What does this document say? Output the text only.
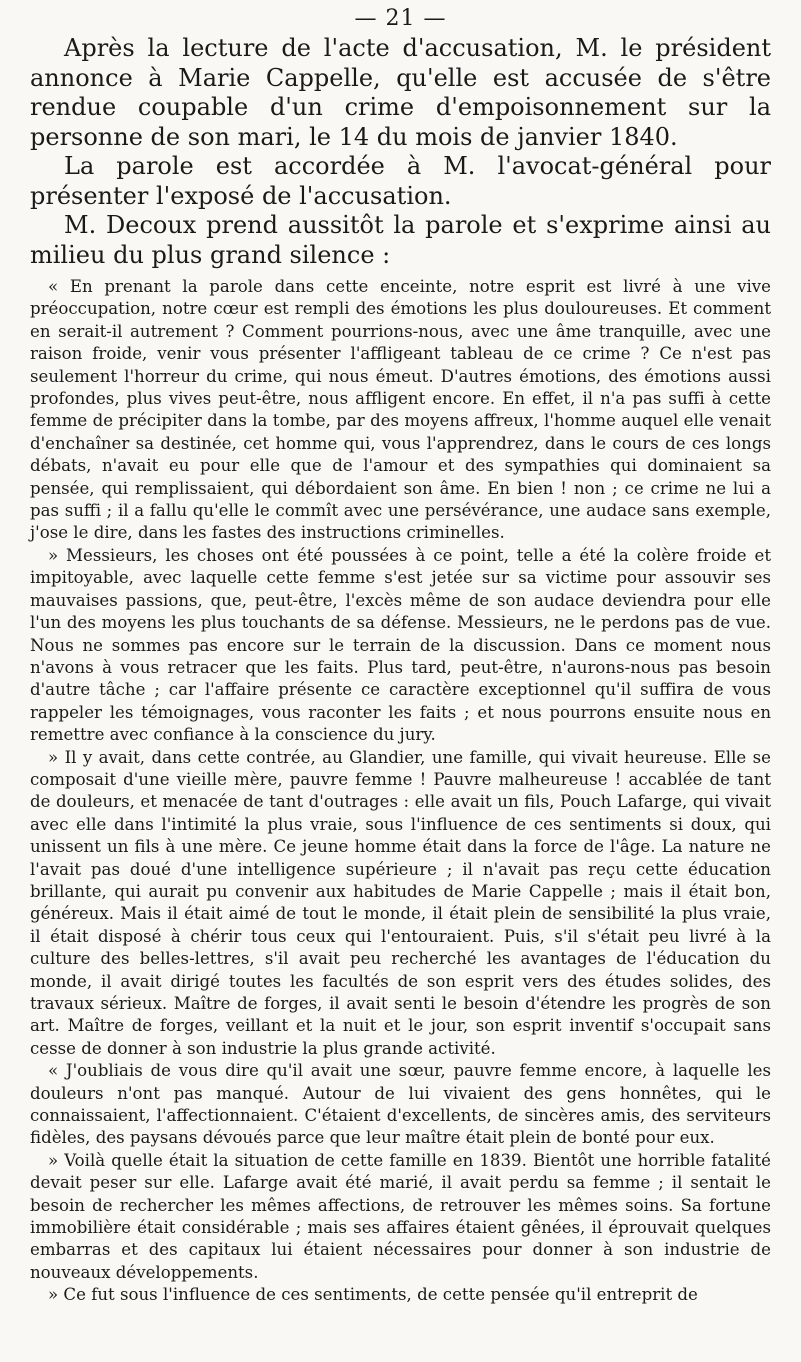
— 21 —

Après la lecture de l'acte d'accusation, M. le président annonce à Marie Cappelle, qu'elle est accusée de s'être rendue coupable d'un crime d'empoisonnement sur la personne de son mari, le 14 du mois de janvier 1840.

La parole est accordée à M. l'avocat-général pour présenter l'exposé de l'accusation.

M. Decoux prend aussitôt la parole et s'exprime ainsi au milieu du plus grand silence :

« En prenant la parole dans cette enceinte, notre esprit est livré à une vive préoccupation, notre cœur est rempli des émotions les plus douloureuses. Et comment en serait-il autrement ? Comment pourrions-nous, avec une âme tranquille, avec une raison froide, venir vous présenter l'affligeant tableau de ce crime ? Ce n'est pas seulement l'horreur du crime, qui nous émeut. D'autres émotions, des émotions aussi profondes, plus vives peut-être, nous affligent encore. En effet, il n'a pas suffi à cette femme de précipiter dans la tombe, par des moyens affreux, l'homme auquel elle venait d'enchaîner sa destinée, cet homme qui, vous l'apprendrez, dans le cours de ces longs débats, n'avait eu pour elle que de l'amour et des sympathies qui dominaient sa pensée, qui remplissaient, qui débordaient son âme. En bien ! non ; ce crime ne lui a pas suffi ; il a fallu qu'elle le commît avec une persévérance, une audace sans exemple, j'ose le dire, dans les fastes des instructions criminelles.

» Messieurs, les choses ont été poussées à ce point, telle a été la colère froide et impitoyable, avec laquelle cette femme s'est jetée sur sa victime pour assouvir ses mauvaises passions, que, peut-être, l'excès même de son audace deviendra pour elle l'un des moyens les plus touchants de sa défense. Messieurs, ne le perdons pas de vue. Nous ne sommes pas encore sur le terrain de la discussion. Dans ce moment nous n'avons à vous retracer que les faits. Plus tard, peut-être, n'aurons-nous pas besoin d'autre tâche ; car l'affaire présente ce caractère exceptionnel qu'il suffira de vous rappeler les témoignages, vous raconter les faits ; et nous pourrons ensuite nous en remettre avec confiance à la conscience du jury.

» Il y avait, dans cette contrée, au Glandier, une famille, qui vivait heureuse. Elle se composait d'une vieille mère, pauvre femme ! Pauvre malheureuse ! accablée de tant de douleurs, et menacée de tant d'outrages : elle avait un fils, Pouch Lafarge, qui vivait avec elle dans l'intimité la plus vraie, sous l'influence de ces sentiments si doux, qui unissent un fils à une mère. Ce jeune homme était dans la force de l'âge. La nature ne l'avait pas doué d'une intelligence supérieure ; il n'avait pas reçu cette éducation brillante, qui aurait pu convenir aux habitudes de Marie Cappelle ; mais il était bon, généreux. Mais il était aimé de tout le monde, il était plein de sensibilité la plus vraie, il était disposé à chérir tous ceux qui l'entouraient. Puis, s'il s'était peu livré à la culture des belles-lettres, s'il avait peu recherché les avantages de l'éducation du monde, il avait dirigé toutes les facultés de son esprit vers des études solides, des travaux sérieux. Maître de forges, il avait senti le besoin d'étendre les progrès de son art. Maître de forges, veillant et la nuit et le jour, son esprit inventif s'occupait sans cesse de donner à son industrie la plus grande activité.

« J'oubliais de vous dire qu'il avait une sœur, pauvre femme encore, à laquelle les douleurs n'ont pas manqué. Autour de lui vivaient des gens honnêtes, qui le connaissaient, l'affectionnaient. C'étaient d'excellents, de sincères amis, des serviteurs fidèles, des paysans dévoués parce que leur maître était plein de bonté pour eux.

» Voilà quelle était la situation de cette famille en 1839. Bientôt une horrible fatalité devait peser sur elle. Lafarge avait été marié, il avait perdu sa femme ; il sentait le besoin de rechercher les mêmes affections, de retrouver les mêmes soins. Sa fortune immobilière était considérable ; mais ses affaires étaient gênées, il éprouvait quelques embarras et des capitaux lui étaient nécessaires pour donner à son industrie de nouveaux développements.

» Ce fut sous l'influence de ces sentiments, de cette pensée qu'il entreprit de
